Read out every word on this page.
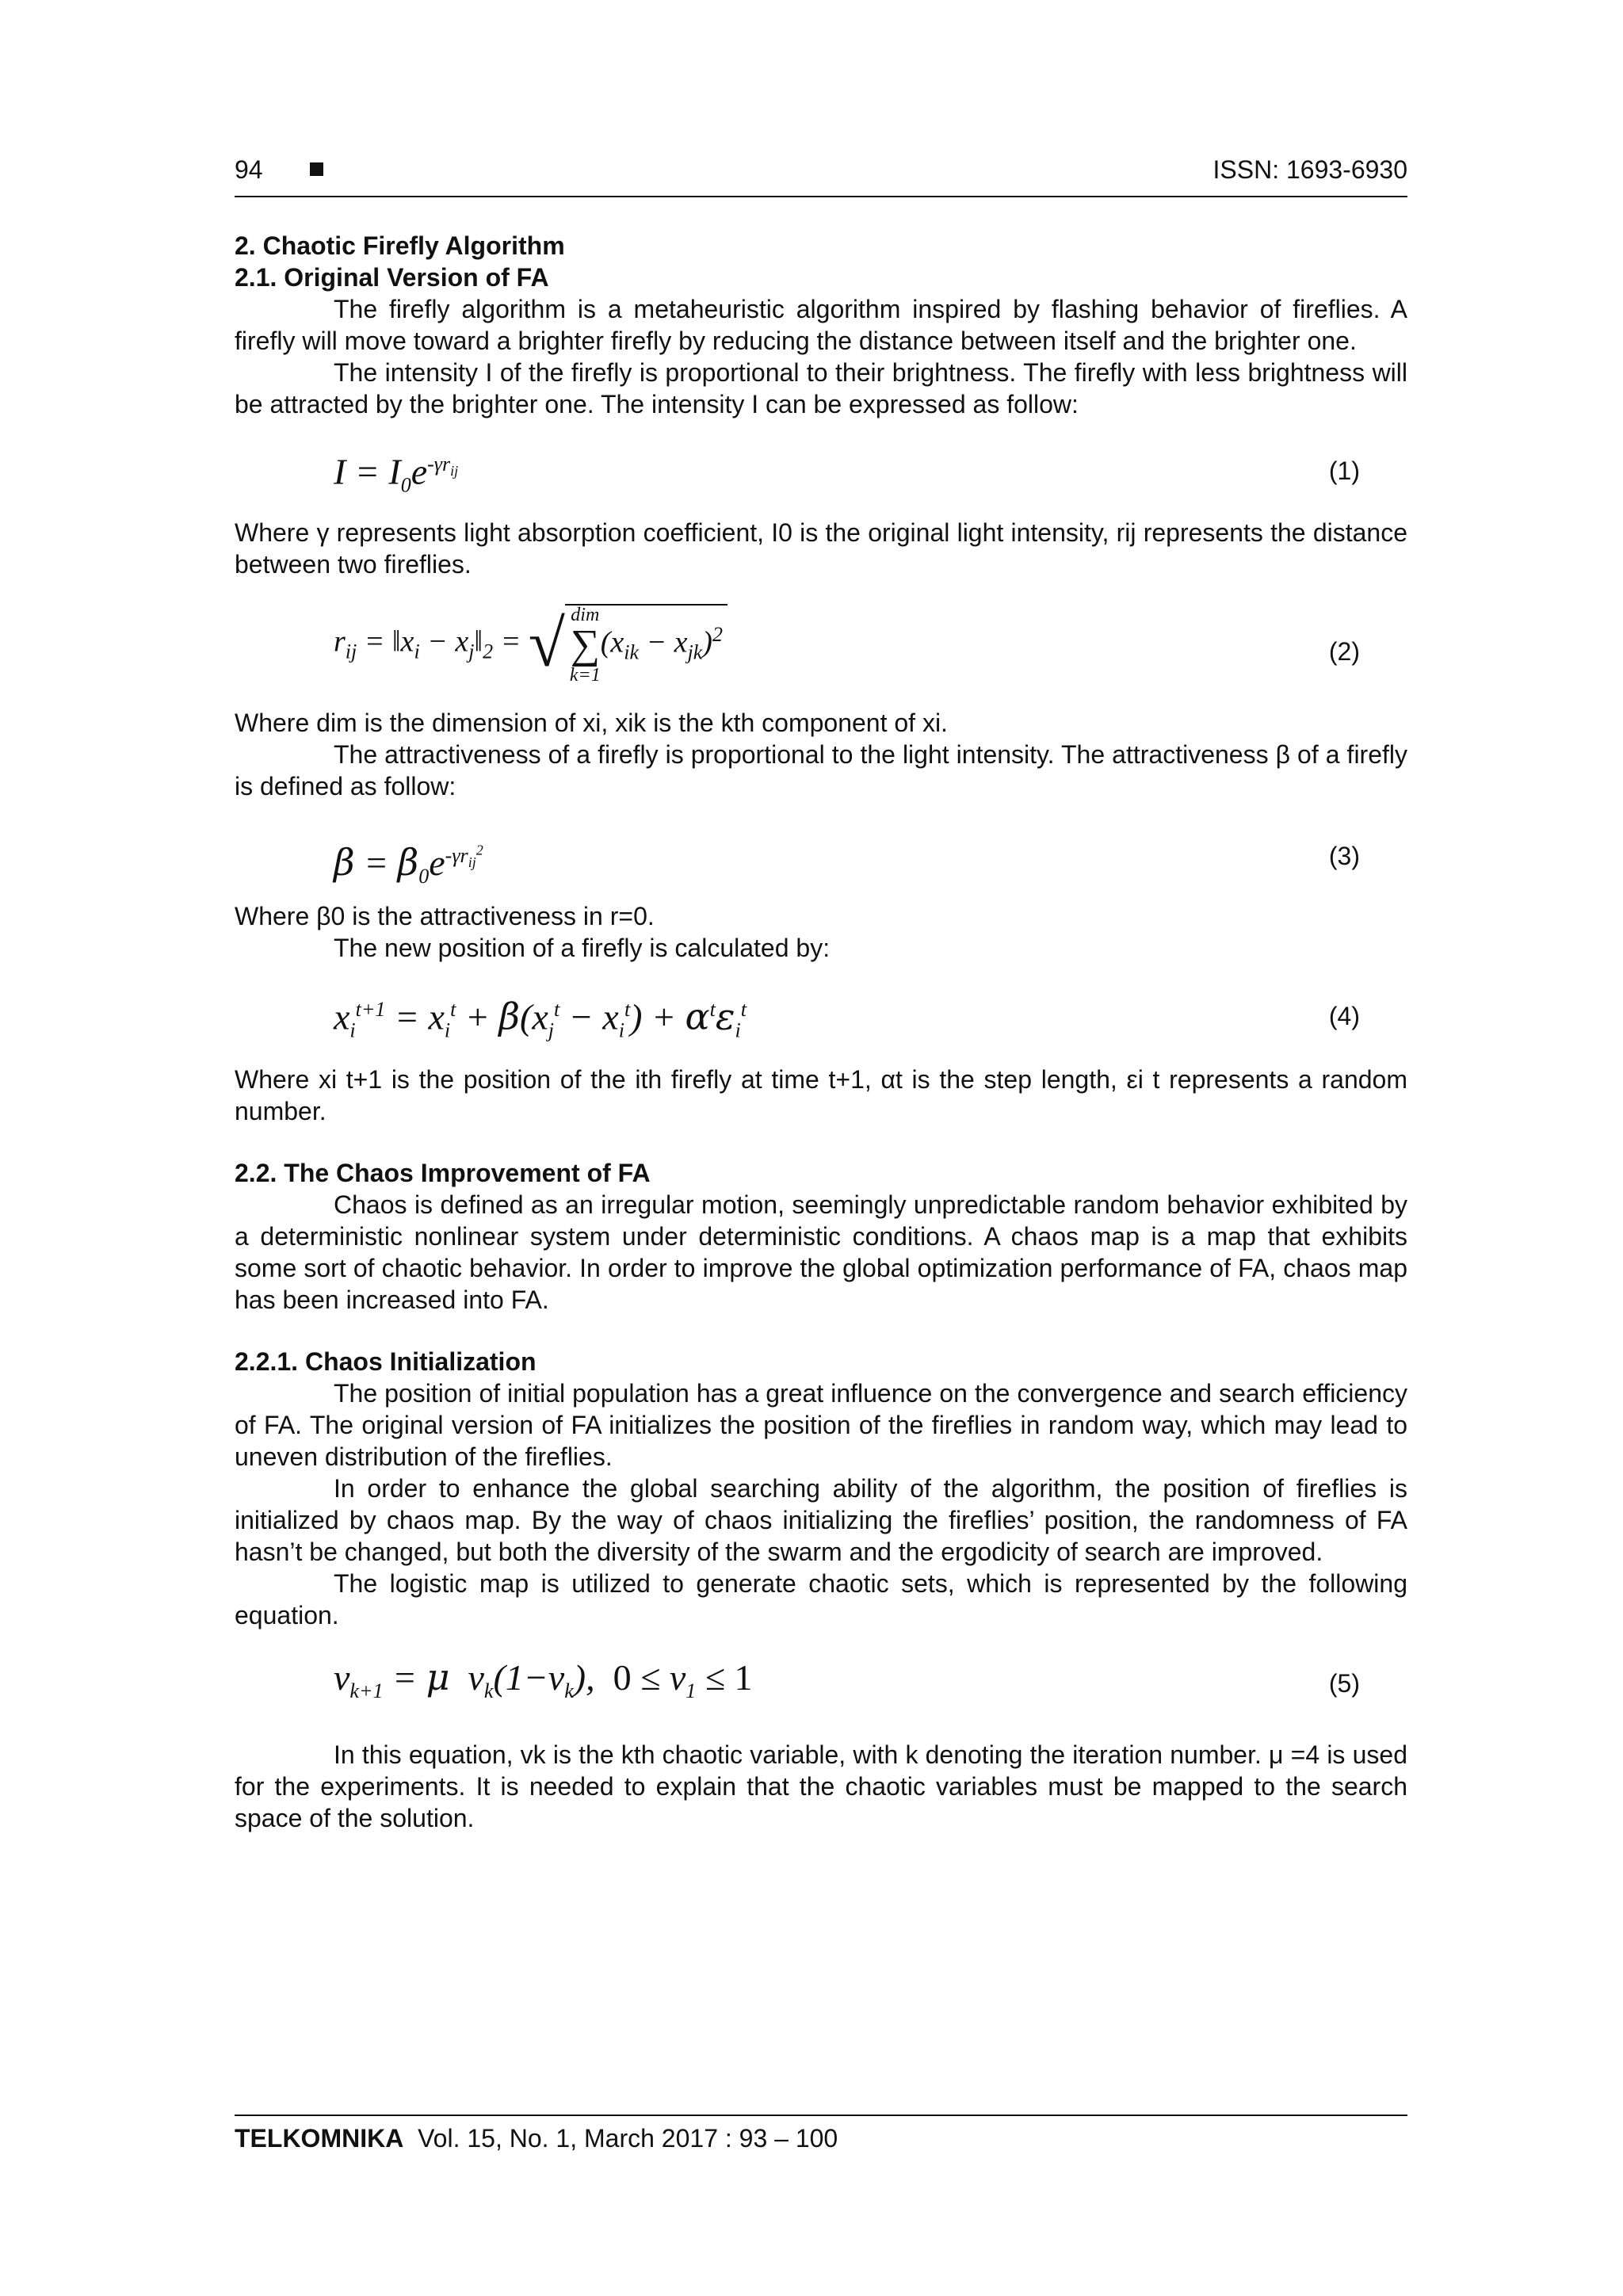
94	ISSN: 1693-6930
2. Chaotic Firefly Algorithm
2.1. Original Version of FA

The firefly algorithm is a metaheuristic algorithm inspired by flashing behavior of fireflies. A firefly will move toward a brighter firefly by reducing the distance between itself and the brighter one.

The intensity I of the firefly is proportional to their brightness. The firefly with less brightness will be attracted by the brighter one. The intensity I can be expressed as follow:

$I = I_0e^{-\gamma r_{ij}}$	(1)

Where γ represents light absorption coefficient, I0 is the original light intensity, rij represents the distance between two fireflies.

$r_{ij}$ = $‖x_i$ − $x_j‖_2$ = √ dim
∑
$k=1(x_{ik} - x_{jk})^2$
(2)

Where dim is the dimension of xi, xik is the kth component of xi.

The attractiveness of a firefly is proportional to the light intensity. The attractiveness β of a firefly is defined as follow:

$\beta = \beta_0e^{-\gamma r_{ij}^2}$	(3)

Where β0 is the attractiveness in r=0.

The new position of a firefly is calculated by:

$x_i^{t+1} = x_i^t + \beta(x_j^t - x_i^t) + \alpha^t\varepsilon_i^t$	(4)

Where xi t+1 is the position of the ith firefly at time t+1, αt is the step length, εi t represents a random number.

2.2. The Chaos Improvement of FA

Chaos is defined as an irregular motion, seemingly unpredictable random behavior exhibited by a deterministic nonlinear system under deterministic conditions. A chaos map is a map that exhibits some sort of chaotic behavior. In order to improve the global optimization performance of FA, chaos map has been increased into FA.

2.2.1. Chaos Initialization

The position of initial population has a great influence on the convergence and search efficiency of FA. The original version of FA initializes the position of the fireflies in random way, which may lead to uneven distribution of the fireflies.

In order to enhance the global searching ability of the algorithm, the position of fireflies is initialized by chaos map. By the way of chaos initializing the fireflies’ position, the randomness of FA hasn’t be changed, but both the diversity of the swarm and the ergodicity of search are improved.

The logistic map is utilized to generate chaotic sets, which is represented by the following equation.

$v_{k+1} = \mu$  $v_k(1-v_k)$,  $0 \le v_1 \le 1$	(5)

In this equation, vk is the kth chaotic variable, with k denoting the iteration number. μ =4 is used for the experiments. It is needed to explain that the chaotic variables must be mapped to the search space of the solution.

TELKOMNIKA Vol. 15, No. 1, March 2017 : 93 – 100
